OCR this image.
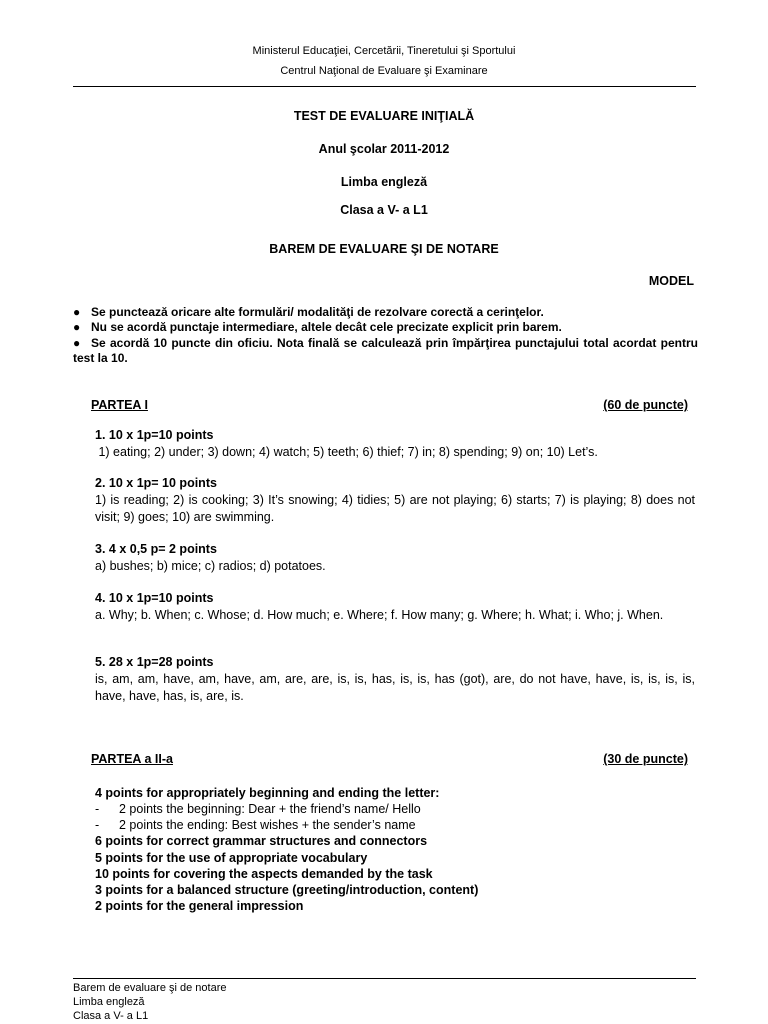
Ministerul Educaţiei, Cercetării, Tineretului şi Sportului
Centrul Naţional de Evaluare şi Examinare
TEST DE EVALUARE INIŢIALĂ
Anul şcolar 2011-2012
Limba engleză
Clasa a V- a L1
BAREM DE EVALUARE ŞI DE NOTARE
MODEL
● Se punctează oricare alte formulări/ modalităţi de rezolvare corectă a cerinţelor.
● Nu se acordă punctaje intermediare, altele decât cele precizate explicit prin barem.
● Se acordă 10 puncte din oficiu. Nota finală se calculează prin împărţirea punctajului total acordat pentru test la 10.
PARTEA I	(60 de puncte)
1. 10 x 1p=10 points
1) eating; 2) under; 3) down; 4) watch; 5) teeth; 6) thief; 7) in; 8) spending; 9) on; 10) Let’s.
2. 10 x 1p= 10 points
1) is reading; 2) is cooking; 3) It’s snowing; 4) tidies; 5) are not playing; 6) starts; 7) is playing; 8) does not visit; 9) goes; 10) are swimming.
3. 4 x 0,5 p= 2 points
a) bushes; b) mice; c) radios; d) potatoes.
4. 10 x 1p=10 points
a. Why; b. When; c. Whose; d. How much; e. Where; f. How many; g. Where; h. What; i. Who; j. When.
5. 28 x 1p=28 points
is, am, am, have, am, have, am, are, are, is, is, has, is, is, has (got), are, do not have, have, is, is, is, is, have, have, has, is, are, is.
PARTEA a II-a	(30 de puncte)
4 points for appropriately beginning and ending the letter:
- 2 points the beginning: Dear + the friend’s name/ Hello
- 2 points the ending: Best wishes + the sender’s name
6 points for correct grammar structures and connectors
5 points for the use of appropriate vocabulary
10 points for covering the aspects demanded by the task
3 points for a balanced structure (greeting/introduction, content)
2 points for the general impression
Barem de evaluare şi de notare
Limba engleză
Clasa a V- a L1
